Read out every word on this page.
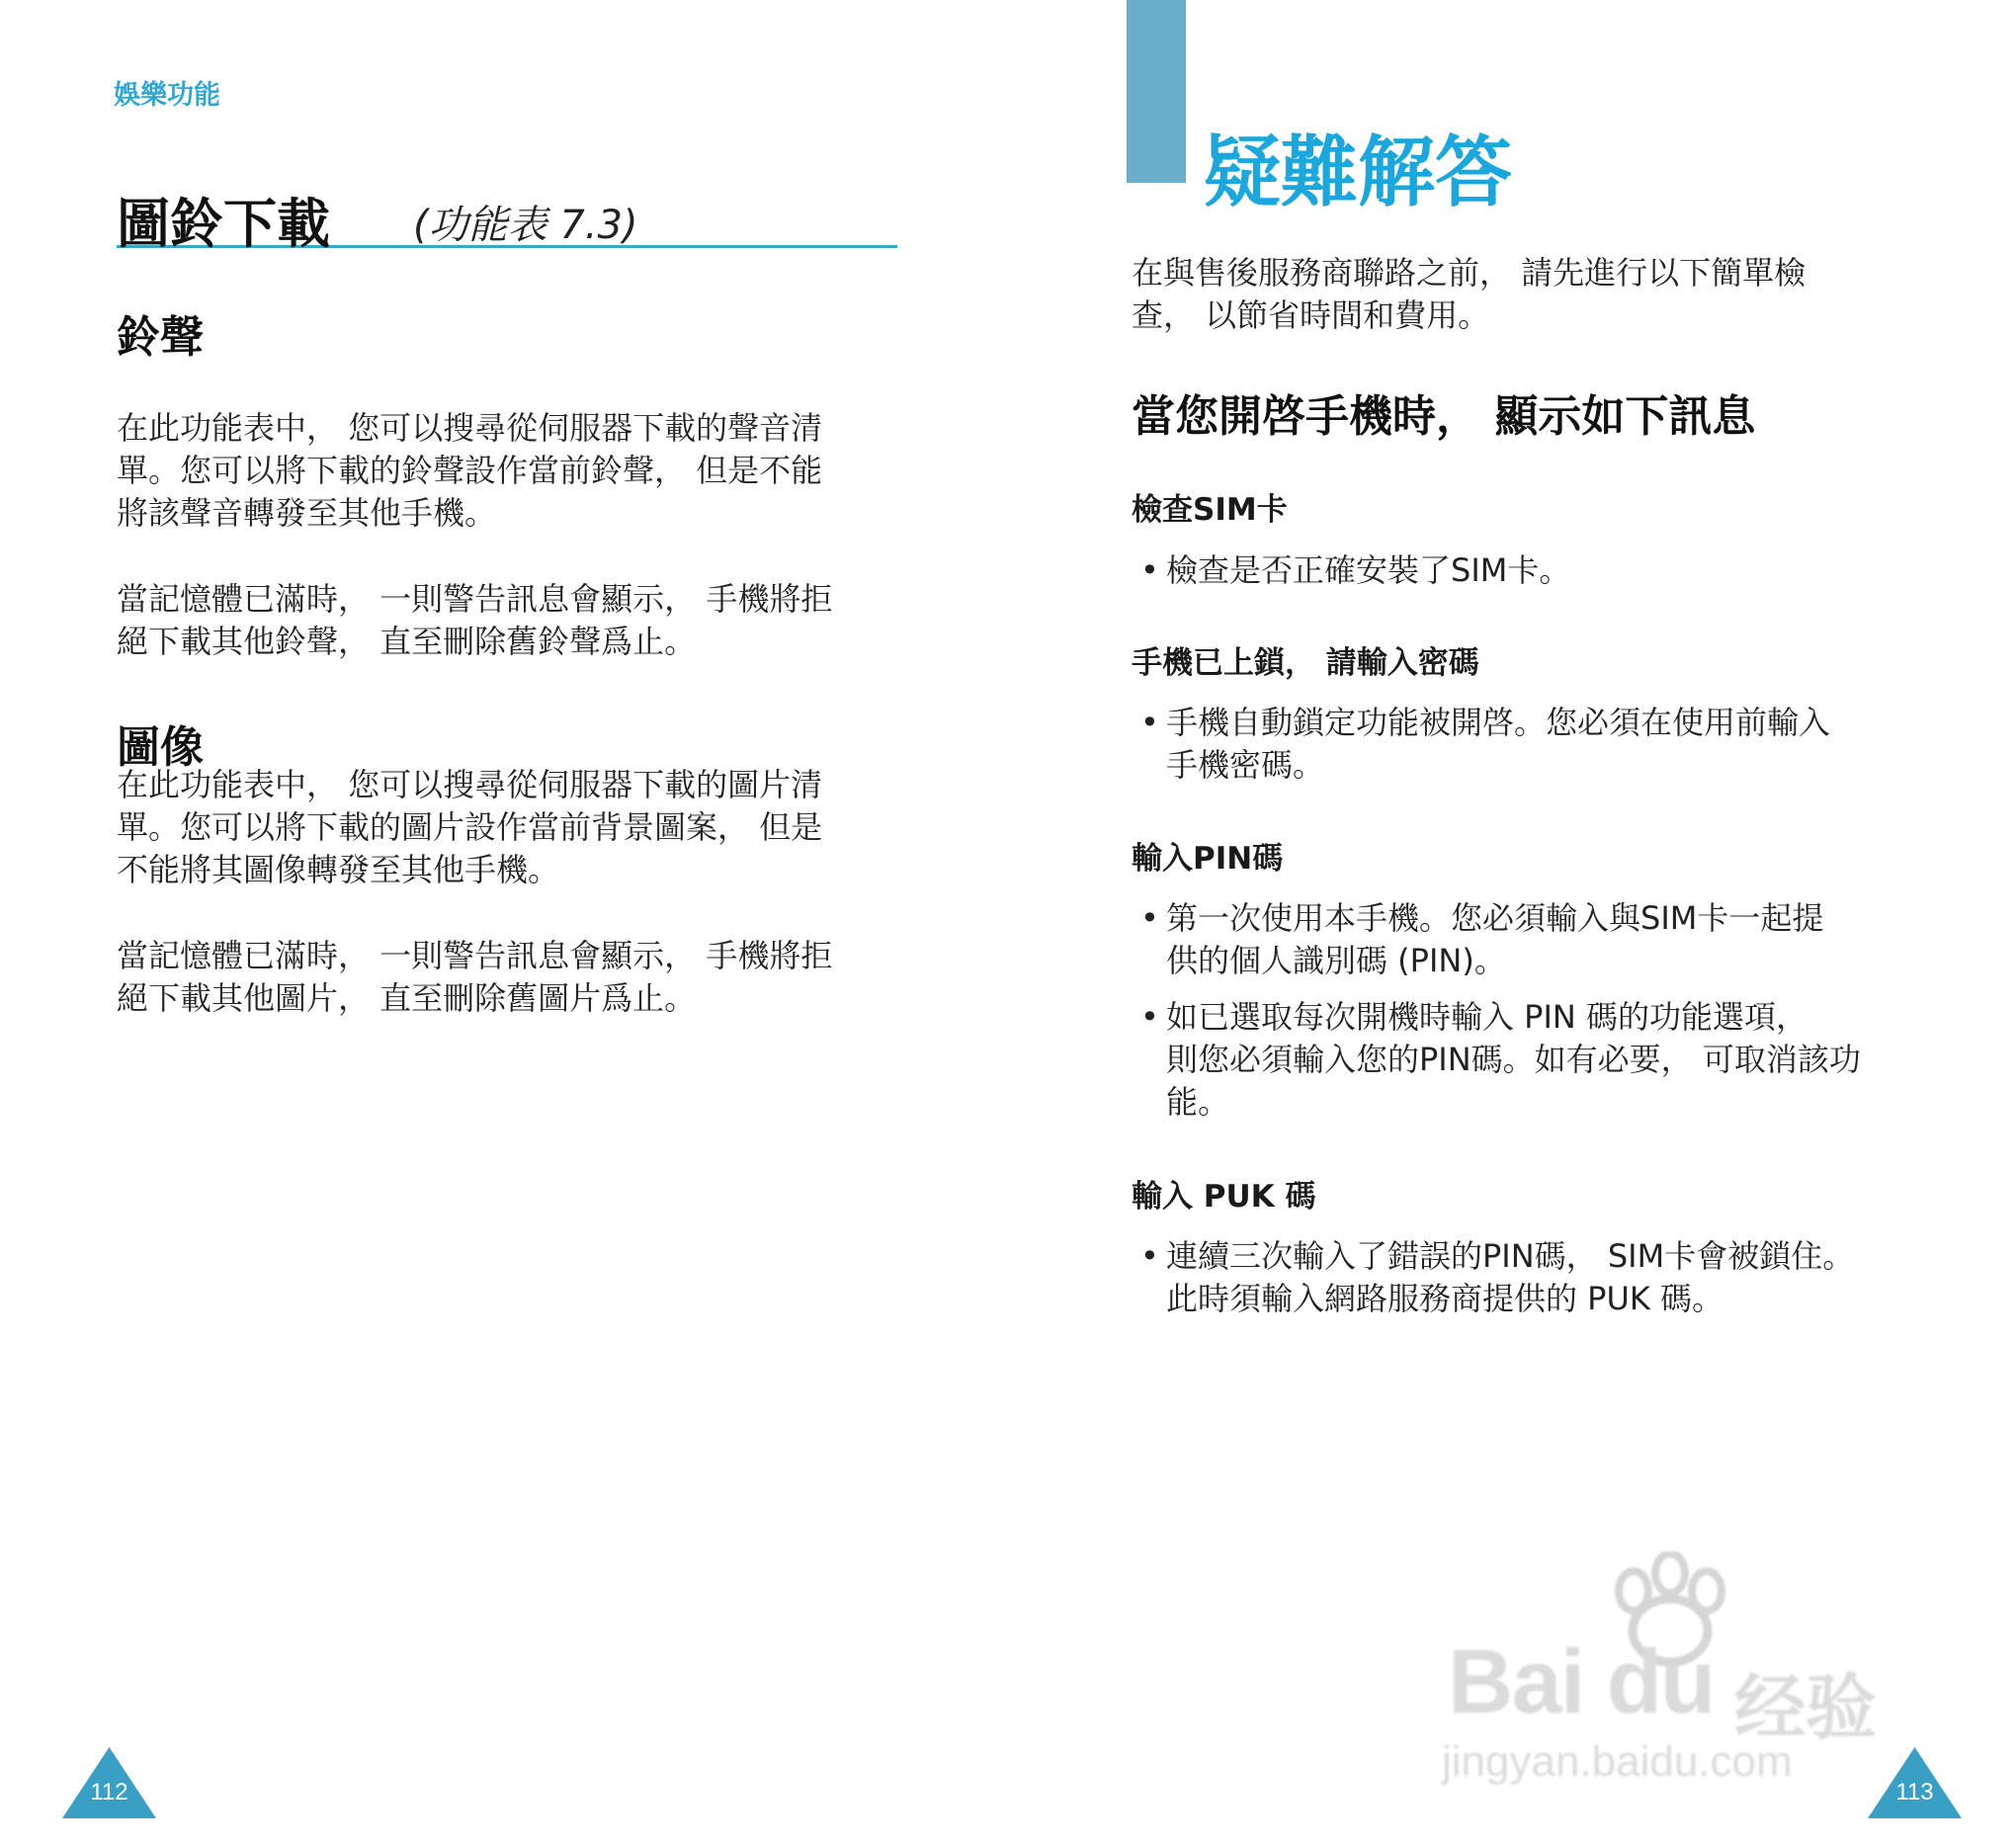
娛樂功能
圖鈴下載 (功能表 7.3)
鈴聲

在此功能表中， 您可以搜尋從伺服器下載的聲音清
單。您可以將下載的鈴聲設作當前鈴聲， 但是不能
將該聲音轉發至其他手機。

當記憶體已滿時， 一則警告訊息會顯示， 手機將拒
絕下載其他鈴聲， 直至刪除舊鈴聲爲止。

圖像

在此功能表中， 您可以搜尋從伺服器下載的圖片清
單。您可以將下載的圖片設作當前背景圖案， 但是
不能將其圖像轉發至其他手機。

當記憶體已滿時， 一則警告訊息會顯示， 手機將拒
絕下載其他圖片， 直至刪除舊圖片爲止。

112
疑難解答

在與售後服務商聯路之前， 請先進行以下簡單檢
查， 以節省時間和費用。

當您開啓手機時， 顯示如下訊息
檢查SIM卡
• 檢查是否正確安裝了SIM卡。
手機已上鎖， 請輸入密碼
• 手機自動鎖定功能被開啓。您必須在使用前輸入
手機密碼。
輸入PIN碼
• 第一次使用本手機。您必須輸入與SIM卡一起提
供的個人識別碼 (PIN)。
• 如已選取每次開機時輸入 PIN 碼的功能選項，
則您必須輸入您的PIN碼。如有必要， 可取消該功
能。
輸入 PUK 碼
• 連續三次輸入了錯誤的PIN碼， SIM卡會被鎖住。
此時須輸入網路服務商提供的 PUK 碼。
Bai du 经验
jingyan.baidu.com
113
